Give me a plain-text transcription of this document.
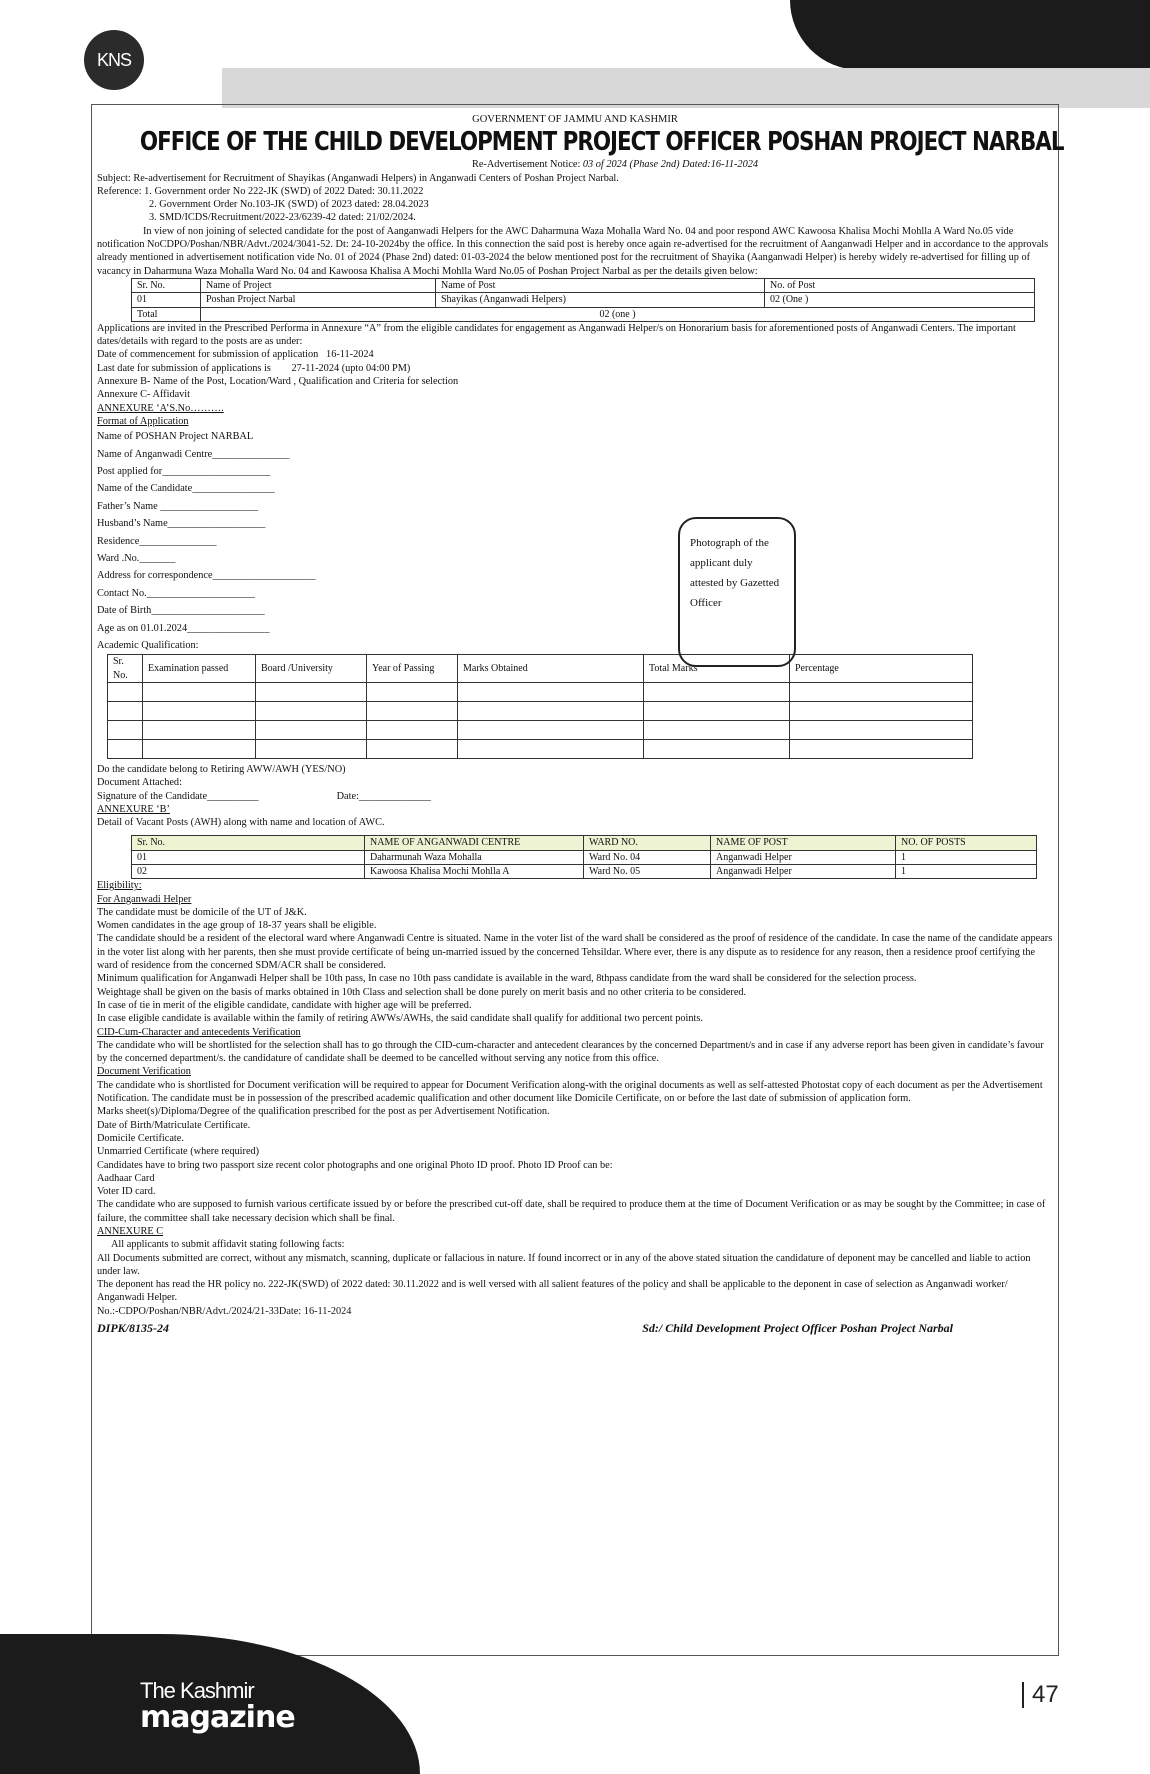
KNS
GOVERNMENT OF JAMMU AND KASHMIR
OFFICE OF THE CHILD DEVELOPMENT PROJECT OFFICER POSHAN PROJECT NARBAL
Re-Advertisement Notice: 03 of 2024 (Phase 2nd) Dated:16-11-2024
Subject: Re-advertisement for Recruitment of Shayikas (Anganwadi Helpers) in Anganwadi Centers of Poshan Project Narbal.
Reference: 1. Government order No 222-JK (SWD) of 2022 Dated: 30.11.2022
2. Government Order No.103-JK (SWD) of 2023 dated: 28.04.2023
3. SMD/ICDS/Recruitment/2022-23/6239-42 dated: 21/02/2024.
In view of non joining of selected candidate for the post of Aanganwadi Helpers for the AWC Daharmuna Waza Mohalla Ward No. 04 and poor respond AWC Kawoosa Khalisa Mochi Mohlla A Ward No.05 vide notification NoCDPO/Poshan/NBR/Advt./2024/3041-52. Dt: 24-10-2024by the office. In this connection the said post is hereby once again re-advertised for the recruitment of Aanganwadi Helper and in accordance to the approvals already mentioned in advertisement notification vide No. 01 of 2024 (Phase 2nd) dated: 01-03-2024 the below mentioned post for the recruitment of Shayika (Aanganwadi Helper) is hereby widely re-advertised for filling up of vacancy in Daharmuna Waza Mohalla Ward No. 04 and Kawoosa Khalisa A Mochi Mohlla Ward No.05 of Poshan Project Narbal as per the details given below:
Sr. No.	Name of Project	Name of Post	No. of Post
01	Poshan Project Narbal	Shayikas (Anganwadi Helpers)	02 (One )
Total	02 (one )		
Applications are invited in the Prescribed Performa in Annexure “A” from the eligible candidates for engagement as Anganwadi Helper/s on Honorarium basis for aforementioned posts of Anganwadi Centers. The important dates/details with regard to the posts are as under:
Date of commencement for submission of application   16-11-2024
Last date for submission of applications is        27-11-2024 (upto 04:00 PM)
Annexure B- Name of the Post, Location/Ward , Qualification and Criteria for selection
Annexure C- Affidavit
ANNEXURE ‘A’S.No……….
Format of Application
Name of POSHAN Project NARBAL
Name of Anganwadi Centre_______________
Post applied for_____________________
Name of the Candidate________________
Father’s Name ___________________
Husband’s Name___________________
Residence_______________
Ward .No._______
Address for correspondence____________________
Contact No._____________________
Date of Birth______________________
Age as on 01.01.2024________________
Academic Qualification:
Photograph of the applicant duly attested by Gazetted Officer
Sr. No.	Examination passed	Board /University	Year of Passing	Marks Obtained	Total Marks	Percentage

Do the candidate belong to Retiring AWW/AWH (YES/NO)
Document Attached:
Signature of the Candidate__________	Date:______________
ANNEXURE ‘B’
Detail of Vacant Posts (AWH) along with name and location of AWC.
Sr. No.	NAME OF ANGANWADI CENTRE	WARD NO.	NAME OF POST	NO. OF POSTS
01	Daharmunah Waza Mohalla	Ward No. 04	Anganwadi Helper	1
02	Kawoosa Khalisa Mochi Mohlla A	Ward No. 05	Anganwadi Helper	1
Eligibility:
For Anganwadi Helper
The candidate must be domicile of the UT of J&K.
Women candidates in the age group of 18-37 years shall be eligible.
The candidate should be a resident of the electoral ward where Anganwadi Centre is situated. Name in the voter list of the ward shall be considered as the proof of residence of the candidate. In case the name of the candidate appears in the voter list along with her parents, then she must provide certificate of being un-married issued by the concerned Tehsildar. Where ever, there is any dispute as to residence for any reason, then a residence proof certifying the ward of residence from the concerned SDM/ACR shall be considered.
Minimum qualification for Anganwadi Helper shall be 10th pass, In case no 10th pass candidate is available in the ward, 8thpass candidate from the ward shall be considered for the selection process.
Weightage shall be given on the basis of marks obtained in 10th Class and selection shall be done purely on merit basis and no other criteria to be considered.
In case of tie in merit of the eligible candidate, candidate with higher age will be preferred.
In case eligible candidate is available within the family of retiring AWWs/AWHs, the said candidate shall qualify for additional two percent points.
CID-Cum-Character and antecedents Verification
The candidate who will be shortlisted for the selection shall has to go through the CID-cum-character and antecedent clearances by the concerned Department/s and in case if any adverse report has been given in candidate’s favour by the concerned department/s. the candidature of candidate shall be deemed to be cancelled without serving any notice from this office.
Document Verification
The candidate who is shortlisted for Document verification will be required to appear for Document Verification along-with the original documents as well as self-attested Photostat copy of each document as per the Advertisement Notification. The candidate must be in possession of the prescribed academic qualification and other document like Domicile Certificate, on or before the last date of submission of application form.
Marks sheet(s)/Diploma/Degree of the qualification prescribed for the post as per Advertisement Notification.
Date of Birth/Matriculate Certificate.
Domicile Certificate.
Unmarried Certificate (where required)
Candidates have to bring two passport size recent color photographs and one original Photo ID proof. Photo ID Proof can be:
Aadhaar Card
Voter ID card.
The candidate who are supposed to furnish various certificate issued by or before the prescribed cut-off date, shall be required to produce them at the time of Document Verification or as may be sought by the Committee; in case of failure, the committee shall take necessary decision which shall be final.
ANNEXURE C
All applicants to submit affidavit stating following facts:
All Documents submitted are correct, without any mismatch, scanning, duplicate or fallacious in nature. If found incorrect or in any of the above stated situation the candidature of deponent may be cancelled and liable to action under law.
The deponent has read the HR policy no. 222-JK(SWD) of 2022 dated: 30.11.2022 and is well versed with all salient features of the policy and shall be applicable to the deponent in case of selection as Anganwadi worker/ Anganwadi Helper.
No.:-CDPO/Poshan/NBR/Advt./2024/21-33Date: 16-11-2024
DIPK/8135-24	Sd:/ Child Development Project Officer Poshan Project Narbal
The Kashmir
magazine
47
